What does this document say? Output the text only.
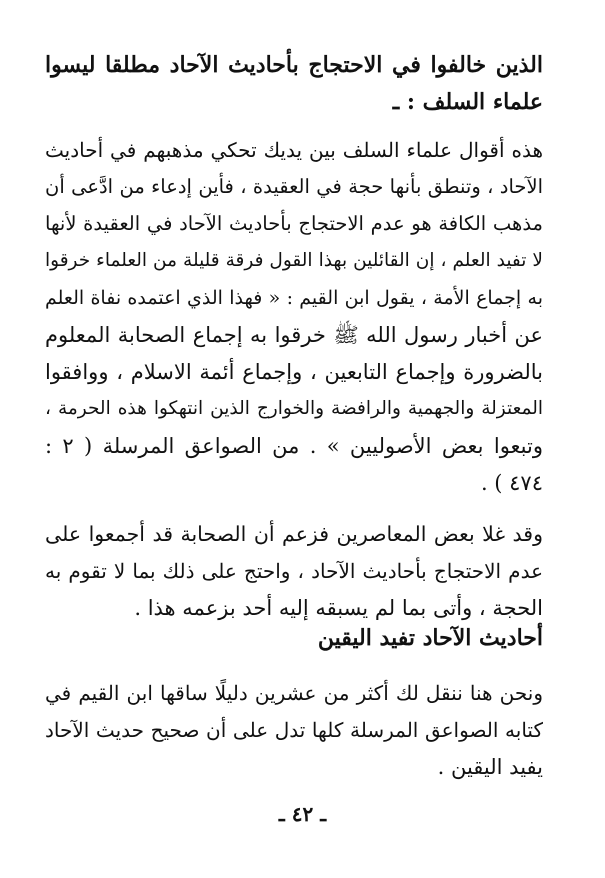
الذين خالفوا في الاحتجاج بأحاديث الآحاد مطلقا ليسوا
علماء السلف : ـ
هذه أقوال علماء السلف بين يديك تحكي مذهبهم في أحاديث
الآحاد ، وتنطق بأنها حجة في العقيدة ، فأين إدعاء من ادَّعى أن
مذهب الكافة هو عدم الاحتجاج بأحاديث الآحاد في العقيدة لأنها
لا تفيد العلم ، إن القائلين بهذا القول فرقة قليلة من العلماء خرقوا
به إجماع الأمة ، يقول ابن القيم : « فهذا الذي اعتمده نفاة العلم
عن أخبار رسول الله ﷺ خرقوا به إجماع الصحابة المعلوم
بالضرورة وإجماع التابعين ، وإجماع أئمة الاسلام ، ووافقوا
المعتزلة والجهمية والرافضة والخوارج الذين انتهكوا هذه الحرمة ،
وتبعوا بعض الأصوليين » . من الصواعق المرسلة ( ٢ :
٤٧٤ ) .
وقد غلا بعض المعاصرين فزعم أن الصحابة قد أجمعوا على
عدم الاحتجاج بأحاديث الآحاد ، واحتج على ذلك بما لا تقوم به
الحجة ، وأتى بما لم يسبقه إليه أحد بزعمه هذا .
أحاديث الآحاد تفيد اليقين
ونحن هنا ننقل لك أكثر من عشرين دليلًا ساقها ابن القيم في
كتابه الصواعق المرسلة كلها تدل على أن صحيح حديث الآحاد
يفيد اليقين .
ـ ٤٢ ـ
